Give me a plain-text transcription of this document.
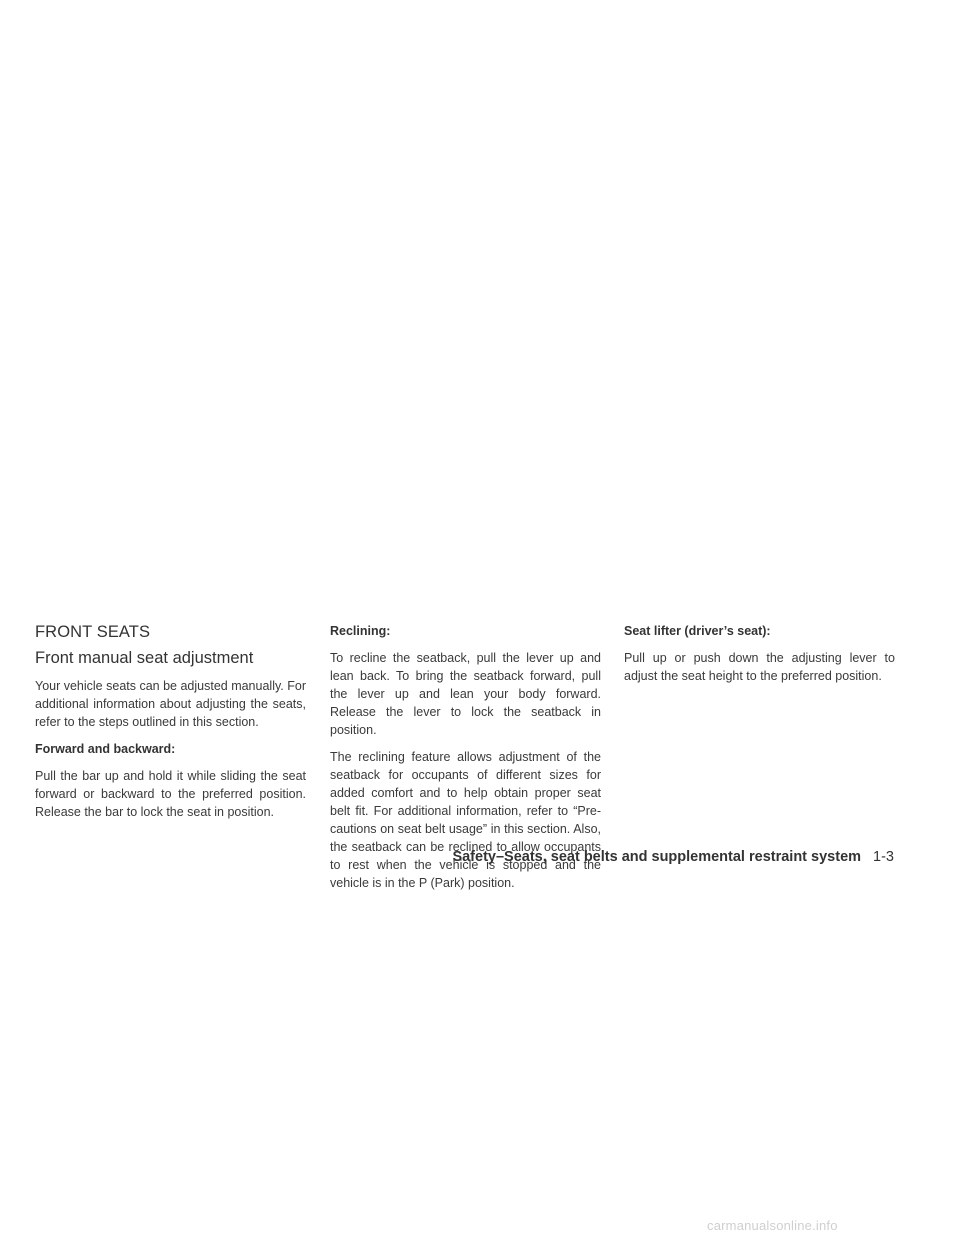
FRONT SEATS
Front manual seat adjustment

Your vehicle seats can be adjusted manually. For additional information about adjusting the seats, refer to the steps outlined in this section.

Forward and backward:

Pull the bar up and hold it while sliding the seat forward or backward to the preferred position. Release the bar to lock the seat in position.

Reclining:

To recline the seatback, pull the lever up and lean back. To bring the seatback forward, pull the lever up and lean your body forward. Release the lever to lock the seatback in position.

The reclining feature allows adjustment of the seatback for occupants of different sizes for added comfort and to help obtain proper seat belt fit. For additional information, refer to “Pre-cautions on seat belt usage” in this section. Also, the seatback can be reclined to allow occupants to rest when the vehicle is stopped and the vehicle is in the P (Park) position.

Seat lifter (driver’s seat):

Pull up or push down the adjusting lever to adjust the seat height to the preferred position.

Safety–Seats, seat belts and supplemental restraint system 1-3
carmanualsonline.info
